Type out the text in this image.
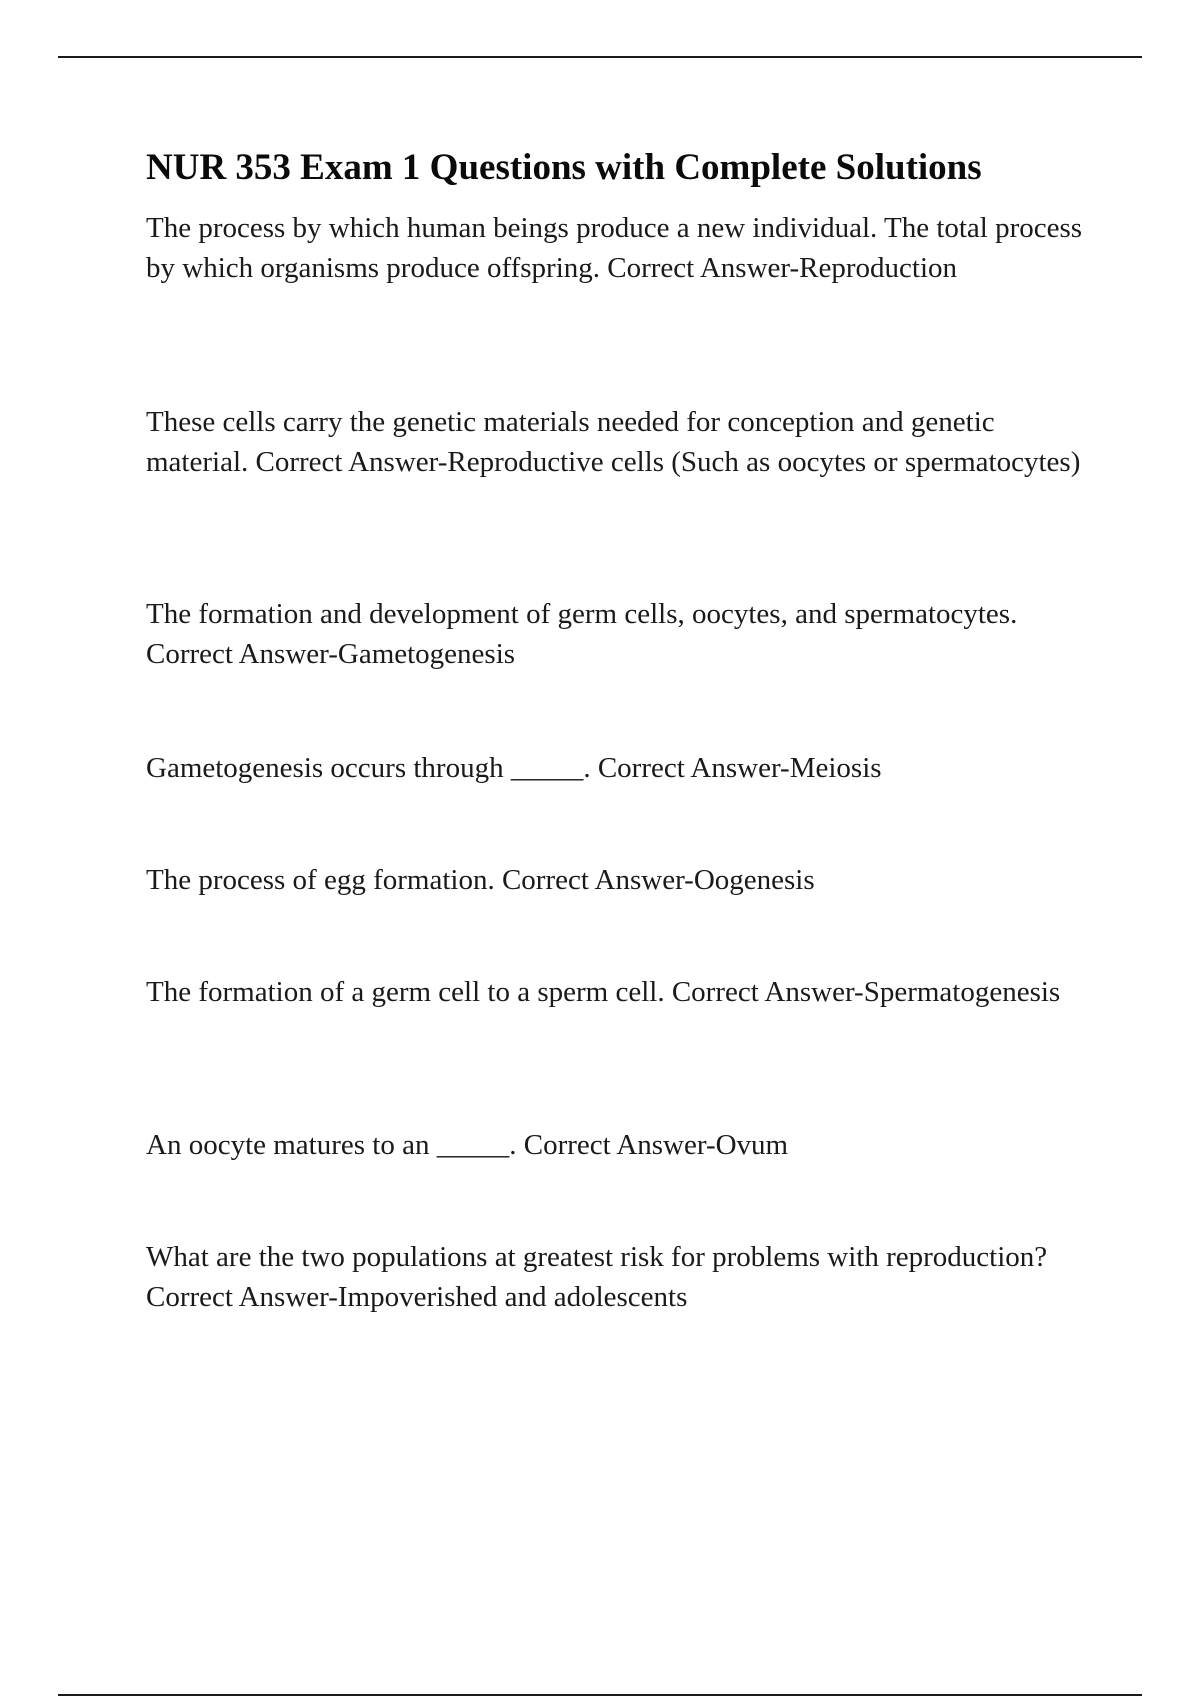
NUR 353 Exam 1 Questions with Complete Solutions

The process by which human beings produce a new individual. The total process by which organisms produce offspring. Correct Answer-Reproduction

These cells carry the genetic materials needed for conception and genetic material. Correct Answer-Reproductive cells (Such as oocytes or spermatocytes)

The formation and development of germ cells, oocytes, and spermatocytes. Correct Answer-Gametogenesis

Gametogenesis occurs through _____. Correct Answer-Meiosis

The process of egg formation. Correct Answer-Oogenesis

The formation of a germ cell to a sperm cell. Correct Answer-Spermatogenesis

An oocyte matures to an _____. Correct Answer-Ovum

What are the two populations at greatest risk for problems with reproduction? Correct Answer-Impoverished and adolescents
